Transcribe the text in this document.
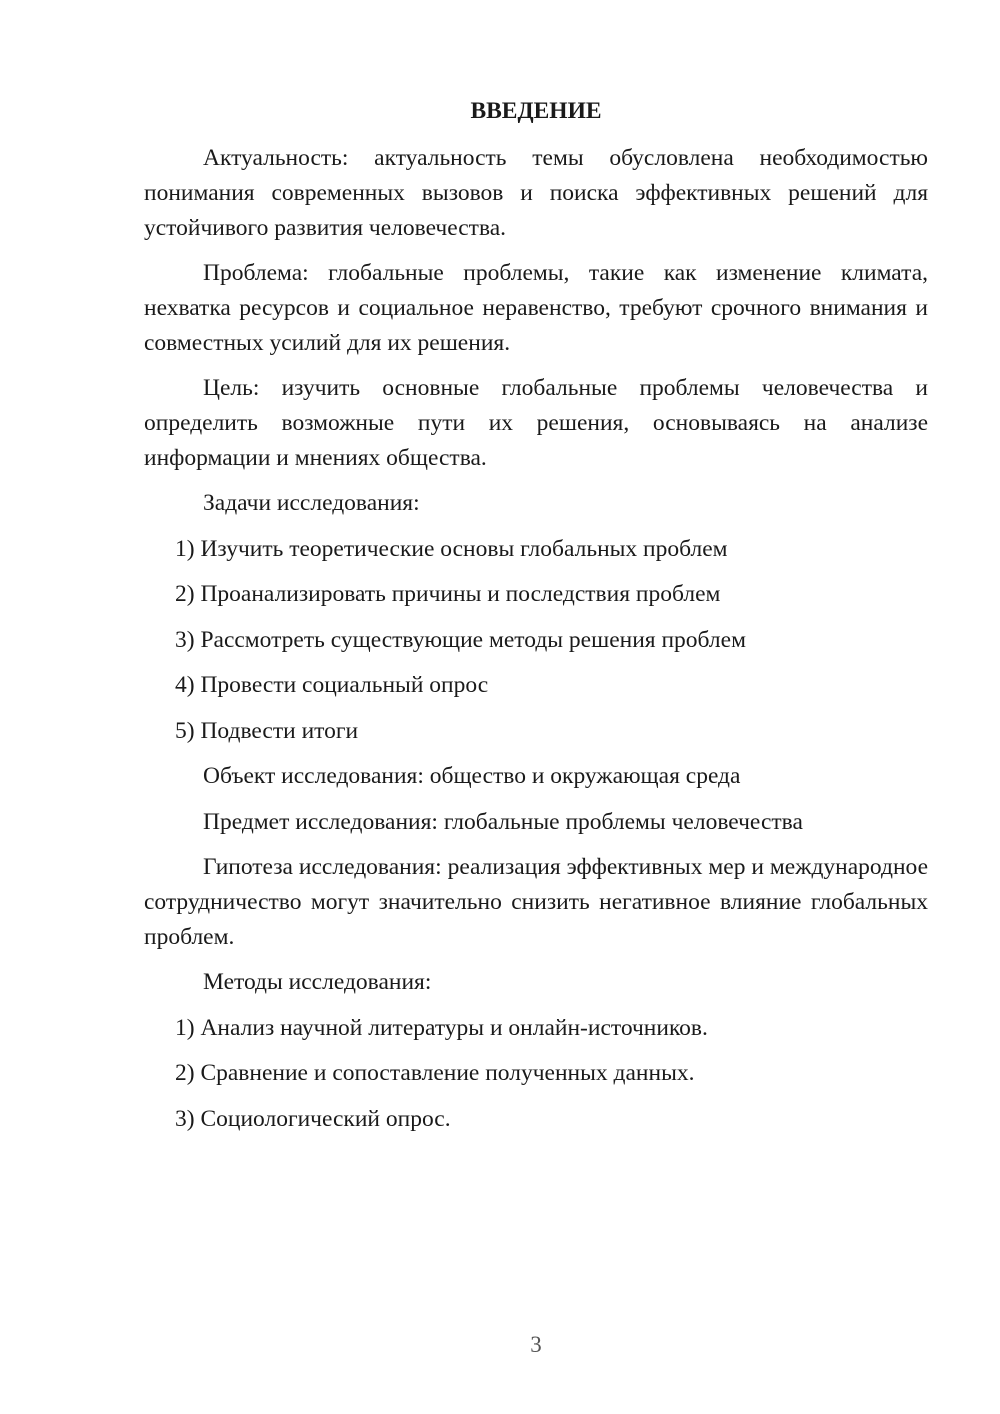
ВВЕДЕНИЕ

Актуальность: актуальность темы обусловлена необходимостью понимания современных вызовов и поиска эффективных решений для устойчивого развития человечества.

Проблема: глобальные проблемы, такие как изменение климата, нехватка ресурсов и социальное неравенство, требуют срочного внимания и совместных усилий для их решения.

Цель: изучить основные глобальные проблемы человечества и определить возможные пути их решения, основываясь на анализе информации и мнениях общества.

Задачи исследования:
1) Изучить теоретические основы глобальных проблем
2) Проанализировать причины и последствия проблем
3) Рассмотреть существующие методы решения проблем
4) Провести социальный опрос
5) Подвести итоги
Объект исследования: общество и окружающая среда
Предмет исследования: глобальные проблемы человечества

Гипотеза исследования: реализация эффективных мер и международное сотрудничество могут значительно снизить негативное влияние глобальных проблем.

Методы исследования:
1) Анализ научной литературы и онлайн-источников.
2) Сравнение и сопоставление полученных данных.
3) Социологический опрос.
3
